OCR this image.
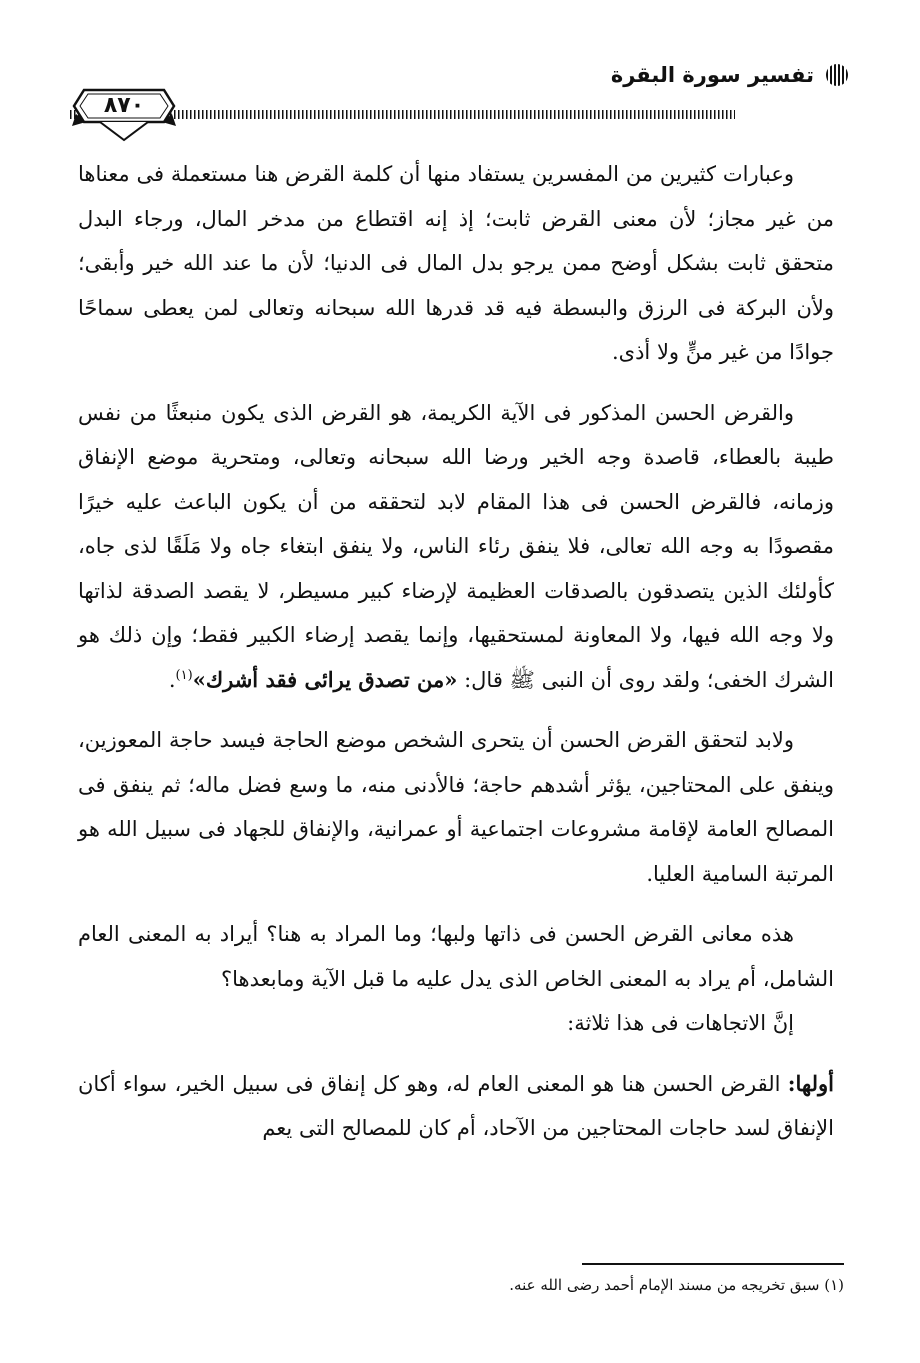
تفسير سورة البقرة
٨٧٠

وعبارات كثيرين من المفسرين يستفاد منها أن كلمة القرض هنا مستعملة فى معناها من غير مجاز؛ لأن معنى القرض ثابت؛ إذ إنه اقتطاع من مدخر المال، ورجاء البدل متحقق ثابت بشكل أوضح ممن يرجو بدل المال فى الدنيا؛ لأن ما عند الله خير وأبقى؛ ولأن البركة فى الرزق والبسطة فيه قد قدرها الله سبحانه وتعالى لمن يعطى سماحًا جوادًا من غير منٍّ ولا أذى.

والقرض الحسن المذكور فى الآية الكريمة، هو القرض الذى يكون منبعثًا من نفس طيبة بالعطاء، قاصدة وجه الخير ورضا الله سبحانه وتعالى، ومتحرية موضع الإنفاق وزمانه، فالقرض الحسن فى هذا المقام لابد لتحققه من أن يكون الباعث عليه خيرًا مقصودًا به وجه الله تعالى، فلا ينفق رئاء الناس، ولا ينفق ابتغاء جاه ولا مَلَقًا لذى جاه، كأولئك الذين يتصدقون بالصدقات العظيمة لإرضاء كبير مسيطر، لا يقصد الصدقة لذاتها ولا وجه الله فيها، ولا المعاونة لمستحقيها، وإنما يقصد إرضاء الكبير فقط؛ وإن ذلك هو الشرك الخفى؛ ولقد روى أن النبى ﷺ قال: «من تصدق يرائى فقد أشرك»$^{(١)}$.

ولابد لتحقق القرض الحسن أن يتحرى الشخص موضع الحاجة فيسد حاجة المعوزين، وينفق على المحتاجين، يؤثر أشدهم حاجة؛ فالأدنى منه، ما وسع فضل ماله؛ ثم ينفق فى المصالح العامة لإقامة مشروعات اجتماعية أو عمرانية، والإنفاق للجهاد فى سبيل الله هو المرتبة السامية العليا.

هذه معانى القرض الحسن فى ذاتها ولبها؛ وما المراد به هنا؟ أيراد به المعنى العام الشامل، أم يراد به المعنى الخاص الذى يدل عليه ما قبل الآية ومابعدها؟

إنَّ الاتجاهات فى هذا ثلاثة:

أولها: القرض الحسن هنا هو المعنى العام له، وهو كل إنفاق فى سبيل الخير، سواء أكان الإنفاق لسد حاجات المحتاجين من الآحاد، أم كان للمصالح التى يعم

(١) سبق تخريجه من مسند الإمام أحمد رضى الله عنه.
